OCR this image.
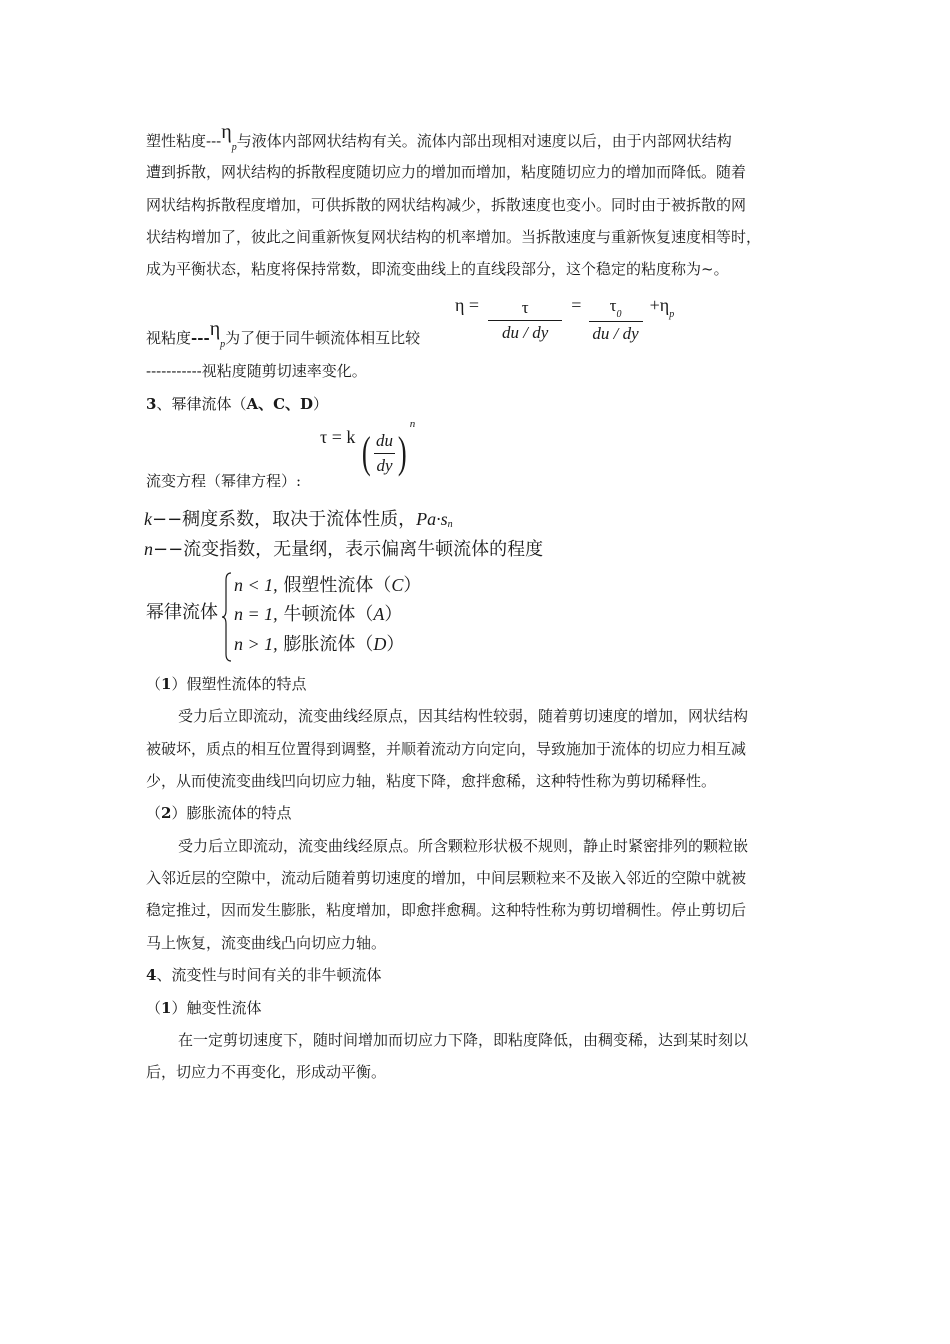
塑性粘度$---\eta_p$与液体内部网状结构有关。流体内部出现相对速度以后，由于内部网状结构
遭到拆散，网状结构的拆散程度随切应力的增加而增加，粘度随切应力的增加而降低。随着
网状结构拆散程度增加，可供拆散的网状结构减少，拆散速度也变小。同时由于被拆散的网
状结构增加了，彼此之间重新恢复网状结构的机率增加。当拆散速度与重新恢复速度相等时，
成为平衡状态，粘度将保持常数，即流变曲线上的直线段部分，这个稳定的粘度称为~。
视粘度$---\eta_p$为了便于同牛顿流体相互比较
$\eta = \frac{\tau}{du / dy} = \frac{\tau_0}{du / dy} +\eta^p$
-----------视粘度随剪切速率变化。
3、幂律流体（A、C、D）
τ = k ( $\frac{du}{dy} )^n$
流变方程（幂律方程）:
k−−稠度系数，取决于流体性质，Pa·sn
n−−流变指数，无量纲，表示偏离牛顿流体的程度
幂律流体
n < 1, 假塑性流体（C）
n = 1, 牛顿流体（A）
n > 1, 膨胀流体（D）
（1）假塑性流体的特点
受力后立即流动，流变曲线经原点，因其结构性较弱，随着剪切速度的增加，网状结构
被破坏，质点的相互位置得到调整，并顺着流动方向定向，导致施加于流体的切应力相互减
少，从而使流变曲线凹向切应力轴，粘度下降，愈拌愈稀，这种特性称为剪切稀释性。
（2）膨胀流体的特点
受力后立即流动，流变曲线经原点。所含颗粒形状极不规则，静止时紧密排列的颗粒嵌
入邻近层的空隙中，流动后随着剪切速度的增加，中间层颗粒来不及嵌入邻近的空隙中就被
稳定推过，因而发生膨胀，粘度增加，即愈拌愈稠。这种特性称为剪切增稠性。停止剪切后
马上恢复，流变曲线凸向切应力轴。
4、流变性与时间有关的非牛顿流体
（1）触变性流体
在一定剪切速度下，随时间增加而切应力下降，即粘度降低，由稠变稀，达到某时刻以
后，切应力不再变化，形成动平衡。
